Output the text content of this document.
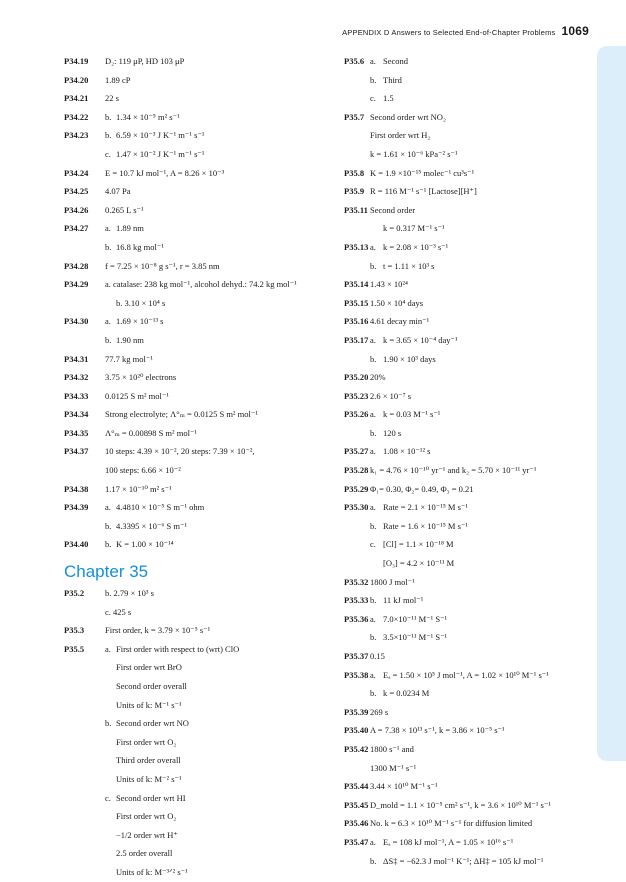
APPENDIX D Answers to Selected End-of-Chapter Problems 1069
P34.19 D₂: 119 μP, HD 103 μP
P34.20 1.89 cP
P34.21 22 s
P34.22 b. 1.34 × 10⁻⁵ m² s⁻¹
P34.23 b. 6.59 × 10⁻³ J K⁻¹ m⁻¹ s⁻¹
c. 1.47 × 10⁻² J K⁻¹ m⁻¹ s⁻¹
P34.24 E = 10.7 kJ mol⁻¹, A = 8.26 × 10⁻³
P34.25 4.07 Pa
P34.26 0.265 L s⁻¹
P34.27 a. 1.89 nm
b. 16.8 kg mol⁻¹
P34.28 f = 7.25 × 10⁻⁸ g s⁻¹, r = 3.85 nm
P34.29 a. catalase: 238 kg mol⁻¹, alcohol dehyd.: 74.2 kg mol⁻¹
b. 3.10 × 10⁴ s
P34.30 a. 1.69 × 10⁻¹³ s
b. 1.90 nm
P34.31 77.7 kg mol⁻¹
P34.32 3.75 × 10²⁰ electrons
P34.33 0.0125 S m² mol⁻¹
P34.34 Strong electrolyte; Λ°ₘ = 0.0125 S m² mol⁻¹
P34.35 Λ°ₘ = 0.00898 S m² mol⁻¹
P34.37 10 steps: 4.39 × 10⁻², 20 steps: 7.39 × 10⁻²,
100 steps: 6.66 × 10⁻²
P34.38 1.17 × 10⁻¹⁰ m² s⁻¹
P34.39 a. 4.4810 × 10⁻⁵ S m⁻¹ ohm
b. 4.3395 × 10⁻⁶ S m⁻¹
P34.40 b. K = 1.00 × 10⁻¹⁴
Chapter 35
P35.2 b. 2.79 × 10³ s
c. 425 s
P35.3 First order, k = 3.79 × 10⁻⁵ s⁻¹
P35.5 a. First order with respect to (wrt) ClO
First order wrt BrO
Second order overall
Units of k: M⁻¹ s⁻¹
b. Second order wrt NO
First order wrt O₂
Third order overall
Units of k: M⁻² s⁻¹
c. Second order wrt HI
First order wrt O₂
−1/2 order wrt H⁺
2.5 order overall
Units of k: M⁻³ᐟ² s⁻¹
P35.6 a. Second
b. Third
c. 1.5
P35.7 Second order wrt NO₂
First order wrt H₂
k = 1.61 × 10⁻⁶ kPa⁻² s⁻¹
P35.8 K = 1.9 ×10⁻¹⁵ molec⁻¹ cu³s⁻¹
P35.9 R = 116 M⁻¹ s⁻¹ [Lactose][H⁺]
P35.11 Second order
k = 0.317 M⁻¹ s⁻¹
P35.13 a. k = 2.08 × 10⁻³ s⁻¹
b. t = 1.11 × 10³ s
P35.14 1.43 × 10²⁴
P35.15 1.50 × 10⁴ days
P35.16 4.61 decay min⁻¹
P35.17 a. k = 3.65 × 10⁻⁴ day⁻¹
b. 1.90 × 10³ days
P35.20 20%
P35.23 2.6 × 10⁻⁷ s
P35.26 a. k = 0.03 M⁻¹ s⁻¹
b. 120 s
P35.27 a. 1.08 × 10⁻¹² s
P35.28 k₁ = 4.76 × 10⁻¹⁰ yr⁻¹ and k₂ = 5.70 × 10⁻¹¹ yr⁻¹
P35.29 Φ₁= 0.30, Φ₂= 0.49, Φ₃ = 0.21
P35.30 a. Rate = 2.1 × 10⁻¹⁵ M s⁻¹
b. Rate = 1.6 × 10⁻¹⁵ M s⁻¹
c. [Cl] = 1.1 × 10⁻¹⁸ M
[O₃] = 4.2 × 10⁻¹¹ M
P35.32 1800 J mol⁻¹
P35.33 b. 11 kJ mol⁻¹
P35.36 a. 7.0×10⁻¹¹ M⁻¹ S⁻¹
b. 3.5×10⁻¹¹ M⁻¹ S⁻¹
P35.37 0.15
P35.38 a. Eₐ = 1.50 × 10⁵ J mol⁻¹, A = 1.02 × 10¹⁰ M⁻¹ s⁻¹
b. k = 0.0234 M
P35.39 269 s
P35.40 A = 7.38 × 10¹³ s⁻¹, k = 3.86 × 10⁻⁵ s⁻¹
P35.42 1800 s⁻¹ and
1300 M⁻¹ s⁻¹
P35.44 3.44 × 10¹⁰ M⁻¹ s⁻¹
P35.45 D_mold = 1.1 × 10⁻⁵ cm² s⁻¹, k = 3.6 × 10¹⁰ M⁻¹ s⁻¹
P35.46 No. k = 6.3 × 10¹⁰ M⁻¹ s⁻¹ for diffusion limited
P35.47 a. Eₐ = 108 kJ mol⁻¹, A = 1.05 × 10¹⁶ s⁻¹
b. ΔS‡ = −62.3 J mol⁻¹ K⁻¹; ΔH‡ = 105 kJ mol⁻¹
